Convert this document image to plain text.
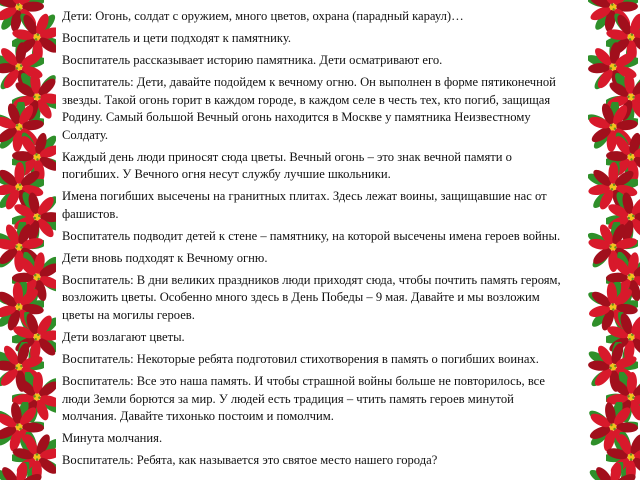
Дети: Огонь, солдат с оружием, много цветов, охрана (парадный караул)…

Воспитатель и цети подходят к памятнику.

Воспитатель рассказывает историю памятника. Дети осматривают его.

Воспитатель: Дети, давайте подойдем к вечному огню. Он выполнен в форме пятиконечной звезды. Такой огонь горит в каждом городе, в каждом селе в честь тех, кто погиб, защищая Родину. Самый большой Вечный огонь находится в Москве у памятника Неизвестному Солдату.

Каждый день люди приносят сюда цветы. Вечный огонь – это знак вечной памяти о погибших. У Вечного огня несут службу лучшие школьники.

Имена погибших высечены на гранитных плитах. Здесь лежат воины, защищавшие нас от фашистов.

Воспитатель подводит детей к стене – памятнику, на которой высечены имена героев войны.

Дети вновь подходят к Вечному огню.

Воспитатель: В дни великих праздников люди приходят сюда, чтобы почтить память героям, возложить цветы. Особенно много здесь в День Победы – 9 мая. Давайте и мы возложим цветы на могилы героев.

Дети возлагают цветы.

Воспитатель: Некоторые ребята подготовил стихотворения в память о погибших воинах.

Воспитатель: Все это наша память. И чтобы страшной войны больше не повторилось, все люди Земли борются за мир. У людей есть традиция – чтить память героев минутой молчания. Давайте тихонько постоим и помолчим.

Минута молчания.

Воспитатель: Ребята, как называется это святое место нашего города?
